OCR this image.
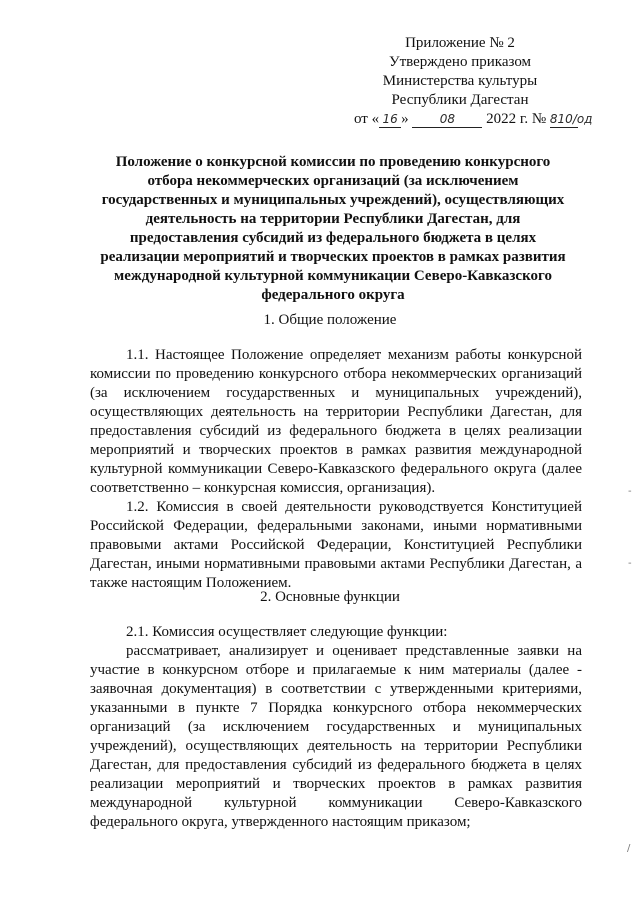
Приложение № 2
Утверждено приказом
Министерства культуры
Республики Дагестан
от « 16 »	08 2022 г. № 810/од
Положение о конкурсной комиссии по проведению конкурсного
отбора некоммерческих организаций (за исключением
государственных и муниципальных учреждений), осуществляющих
деятельность на территории Республики Дагестан, для
предоставления субсидий из федерального бюджета в целях
реализации мероприятий и творческих проектов в рамках развития
международной культурной коммуникации Северо-Кавказского
федерального округа
1. Общие положение

1.1. Настоящее Положение определяет механизм работы конкурсной комиссии по проведению конкурсного отбора некоммерческих организаций (за исключением государственных и муниципальных учреждений), осуществляющих деятельность на территории Республики Дагестан, для предоставления субсидий из федерального бюджета в целях реализации мероприятий и творческих проектов в рамках развития международной культурной коммуникации Северо-Кавказского федерального округа (далее соответственно – конкурсная комиссия, организация).

1.2. Комиссия в своей деятельности руководствуется Конституцией Российской Федерации, федеральными законами, иными нормативными правовыми актами Российской Федерации, Конституцией Республики Дагестан, иными нормативными правовыми актами Республики Дагестан, а также настоящим Положением.

2. Основные функции

2.1. Комиссия осуществляет следующие функции:

рассматривает, анализирует и оценивает представленные заявки на участие в конкурсном отборе и прилагаемые к ним материалы (далее - заявочная документация) в соответствии с утвержденными критериями, указанными в пункте 7 Порядка конкурсного отбора некоммерческих организаций (за исключением государственных и муниципальных учреждений), осуществляющих деятельность на территории Республики Дагестан, для предоставления субсидий из федерального бюджета в целях реализации мероприятий и творческих проектов в рамках развития международной культурной коммуникации Северо-Кавказского федерального округа, утвержденного настоящим приказом;

-
-
/
